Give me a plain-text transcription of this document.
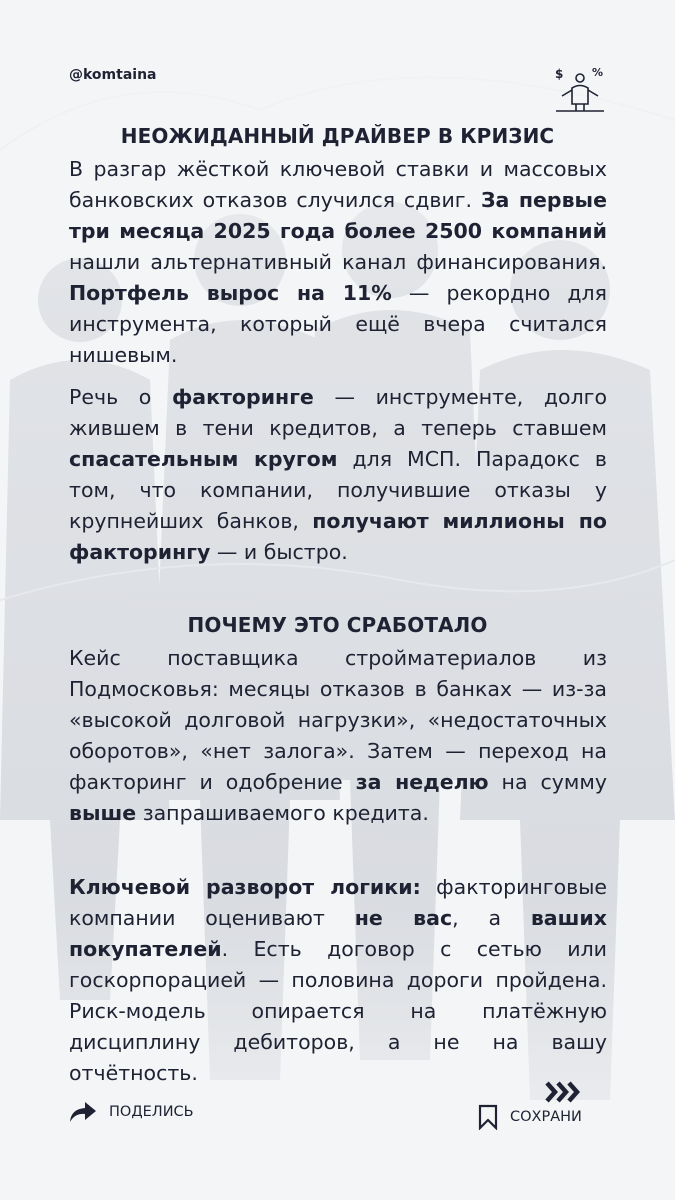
@komtaina	$	%
НЕОЖИДАННЫЙ ДРАЙВЕР В КРИЗИС
В разгар жёсткой ключевой ставки и массовых банковских отказов случился сдвиг. За первые три месяца 2025 года более 2500 компаний нашли альтернативный канал финансирования. Портфель вырос на 11% — рекордно для инструмента, который ещё вчера считался нишевым.
Речь о факторинге — инструменте, долго жившем в тени кредитов, а теперь ставшем спасательным кругом для МСП. Парадокс в том, что компании, получившие отказы у крупнейших банков, получают миллионы по факторингу — и быстро.
ПОЧЕМУ ЭТО СРАБОТАЛО
Кейс поставщика стройматериалов из Подмосковья: месяцы отказов в банках — из-за «высокой долговой нагрузки», «недостаточных оборотов», «нет залога». Затем — переход на факторинг и одобрение за неделю на сумму выше запрашиваемого кредита.
Ключевой разворот логики: факторинговые компании оценивают не вас, а ваших покупателей. Есть договор с сетью или госкорпорацией — половина дороги пройдена. Риск-модель опирается на платёжную дисциплину дебиторов, а не на вашу отчётность.
ПОДЕЛИСЬ	СОХРАНИ
